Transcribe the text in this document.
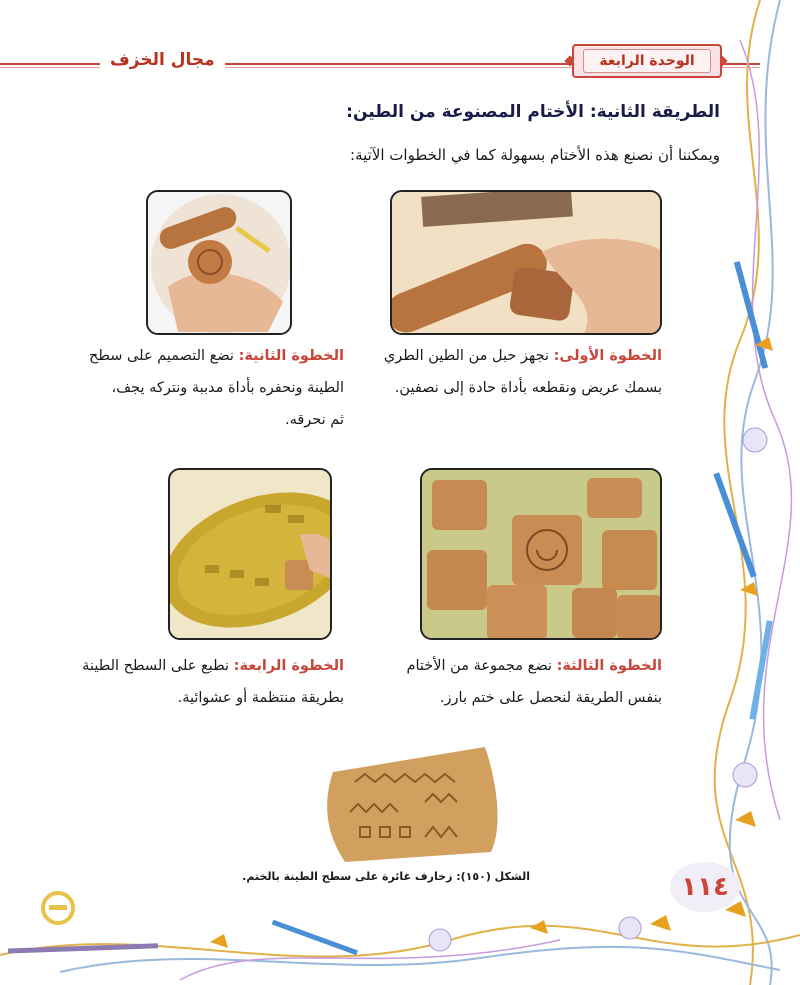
مجال الخزف	الوحدة الرابعة
الطريقة الثانية: الأختام المصنوعة من الطين:
ويمكننا أن نصنع هذه الأختام بسهولة كما في الخطوات الآتية:
الخطوة الأولى: نجهز حبل من الطين الطري
بسمك عريض ونقطعه بأداة حادة إلى نصفين.
الخطوة الثانية: نضع التصميم على سطح
الطينة ونحفره بأداة مدببة ونتركه يجف،
ثم نحرقه.
الخطوة الثالثة: نضع مجموعة من الأختام
بنفس الطريقة لنحصل على ختم بارز.
الخطوة الرابعة: نطبع على السطح الطينة
بطريقة منتظمة أو عشوائية.
الشكل (١٥٠): زخارف غائرة على سطح الطينة بالختم.	١١٤
